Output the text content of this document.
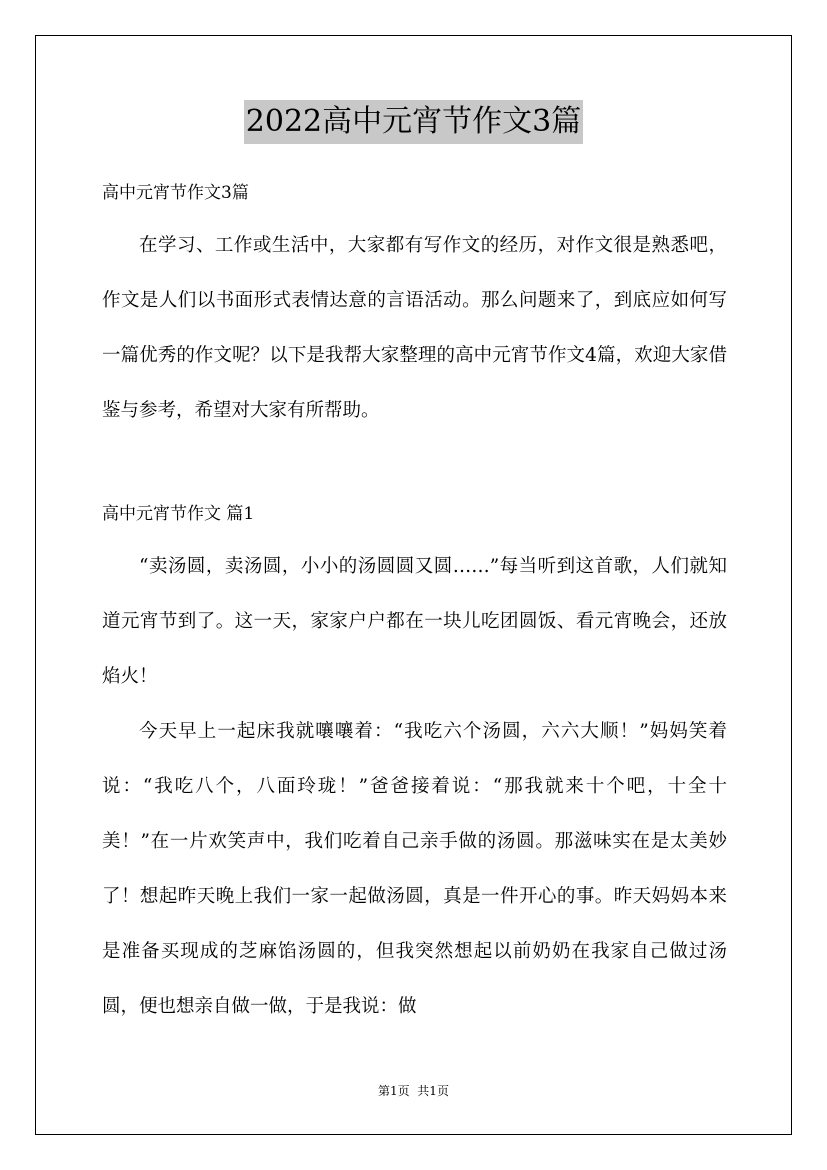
2022高中元宵节作文3篇

高中元宵节作文3篇

在学习、工作或生活中，大家都有写作文的经历，对作文很是熟悉吧，作文是人们以书面形式表情达意的言语活动。那么问题来了，到底应如何写一篇优秀的作文呢？以下是我帮大家整理的高中元宵节作文4篇，欢迎大家借鉴与参考，希望对大家有所帮助。

高中元宵节作文 篇1

“卖汤圆，卖汤圆，小小的汤圆圆又圆……”每当听到这首歌，人们就知道元宵节到了。这一天，家家户户都在一块儿吃团圆饭、看元宵晚会，还放焰火！

今天早上一起床我就嚷嚷着：“我吃六个汤圆，六六大顺！”妈妈笑着说：“我吃八个，八面玲珑！”爸爸接着说：“那我就来十个吧，十全十美！”在一片欢笑声中，我们吃着自己亲手做的汤圆。那滋味实在是太美妙了！想起昨天晚上我们一家一起做汤圆，真是一件开心的事。昨天妈妈本来是准备买现成的芝麻馅汤圆的，但我突然想起以前奶奶在我家自己做过汤圆，便也想亲自做一做，于是我说：做

第1页  共1页
